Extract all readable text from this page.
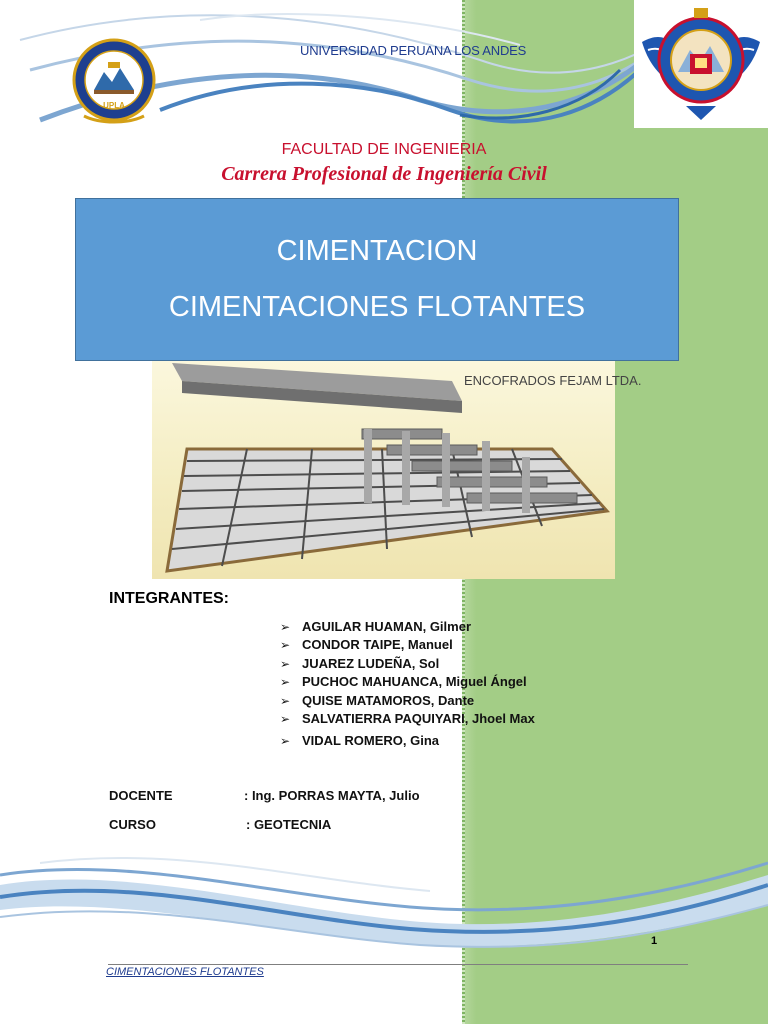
UPLA
UNIVERSIDAD PERUANA LOS ANDES
FACULTAD DE INGENIERIA
Carrera Profesional de Ingeniería Civil
CIMENTACION
CIMENTACIONES FLOTANTES
ENCOFRADOS FEJAM LTDA.
INTEGRANTES:
➢ AGUILAR HUAMAN, Gilmer
➢ CONDOR TAIPE, Manuel
➢ JUAREZ LUDEÑA, Sol
➢ PUCHOC MAHUANCA, Miguel Ángel
➢ QUISE MATAMOROS, Dante
➢ SALVATIERRA PAQUIYARI, Jhoel Max
➢ VIDAL ROMERO, Gina
DOCENTE	: Ing. PORRAS MAYTA, Julio
CURSO	: GEOTECNIA
1
CIMENTACIONES FLOTANTES
